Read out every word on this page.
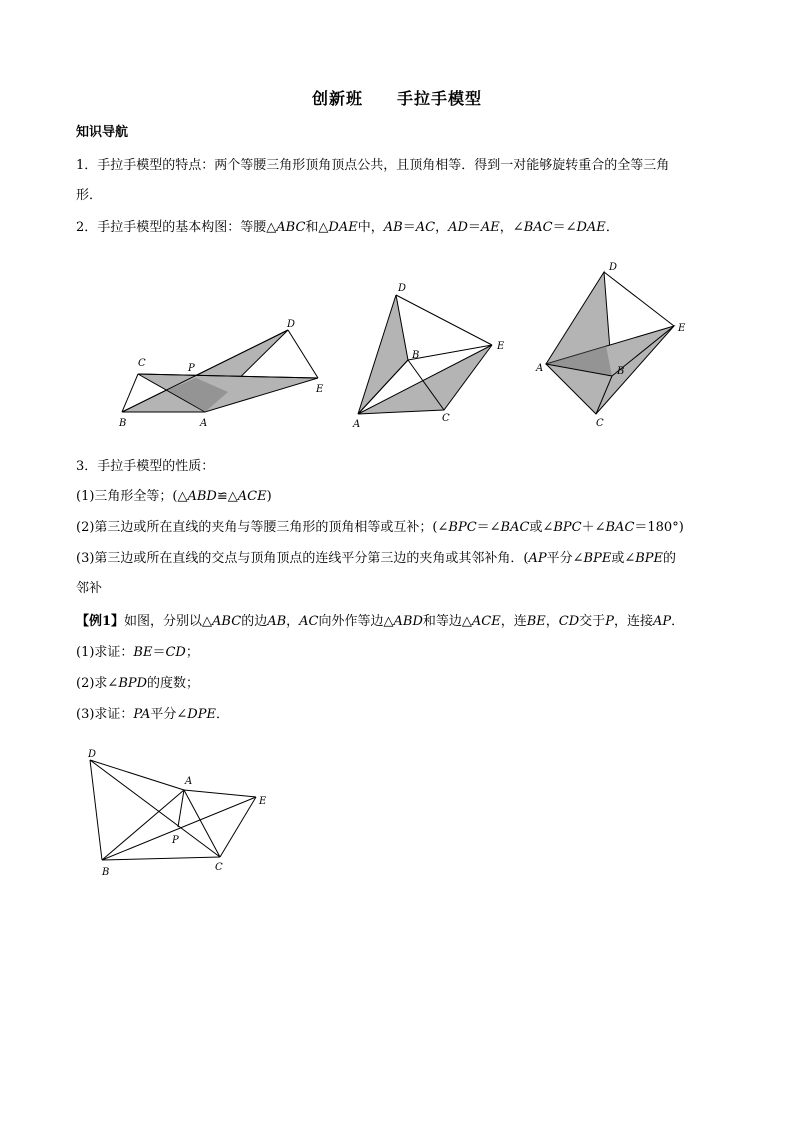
创新班 手拉手模型
知识导航
1．手拉手模型的特点：两个等腰三角形顶角顶点公共，且顶角相等．得到一对能够旋转重合的全等三角
形．
2．手拉手模型的基本构图：等腰△ABC和△DAE中，AB＝AC，AD＝AE，∠BAC＝∠DAE．
C	P
D
E
B	A
D
B
E
A
C
D
E
A	B
C
3．手拉手模型的性质：
(1)三角形全等；(△ABD≌△ACE)
(2)第三边或所在直线的夹角与等腰三角形的顶角相等或互补；(∠BPC＝∠BAC或∠BPC＋∠BAC＝180°)
(3)第三边或所在直线的交点与顶角顶点的连线平分第三边的夹角或其邻补角．(AP平分∠BPE或∠BPE的
邻补
【例1】如图，分别以△ABC的边AB，AC向外作等边△ABD和等边△ACE，连BE，CD交于P，连接AP．
(1)求证：BE＝CD；
(2)求∠BPD的度数；
(3)求证：PA平分∠DPE．
D
A
E
P
B	C
